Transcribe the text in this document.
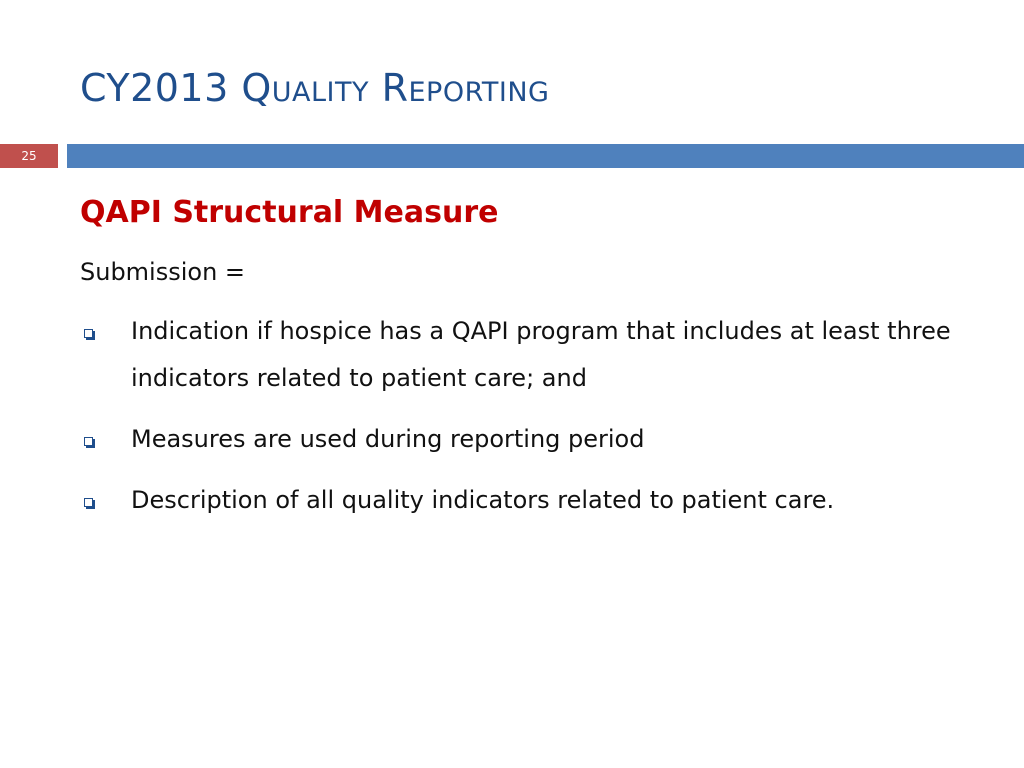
CY2013 Quality Reporting
25
QAPI Structural Measure
Submission =
Indication if hospice has a QAPI program that includes at least three indicators related to patient care; and
Measures are used during reporting period
Description of all quality indicators related to patient care.
